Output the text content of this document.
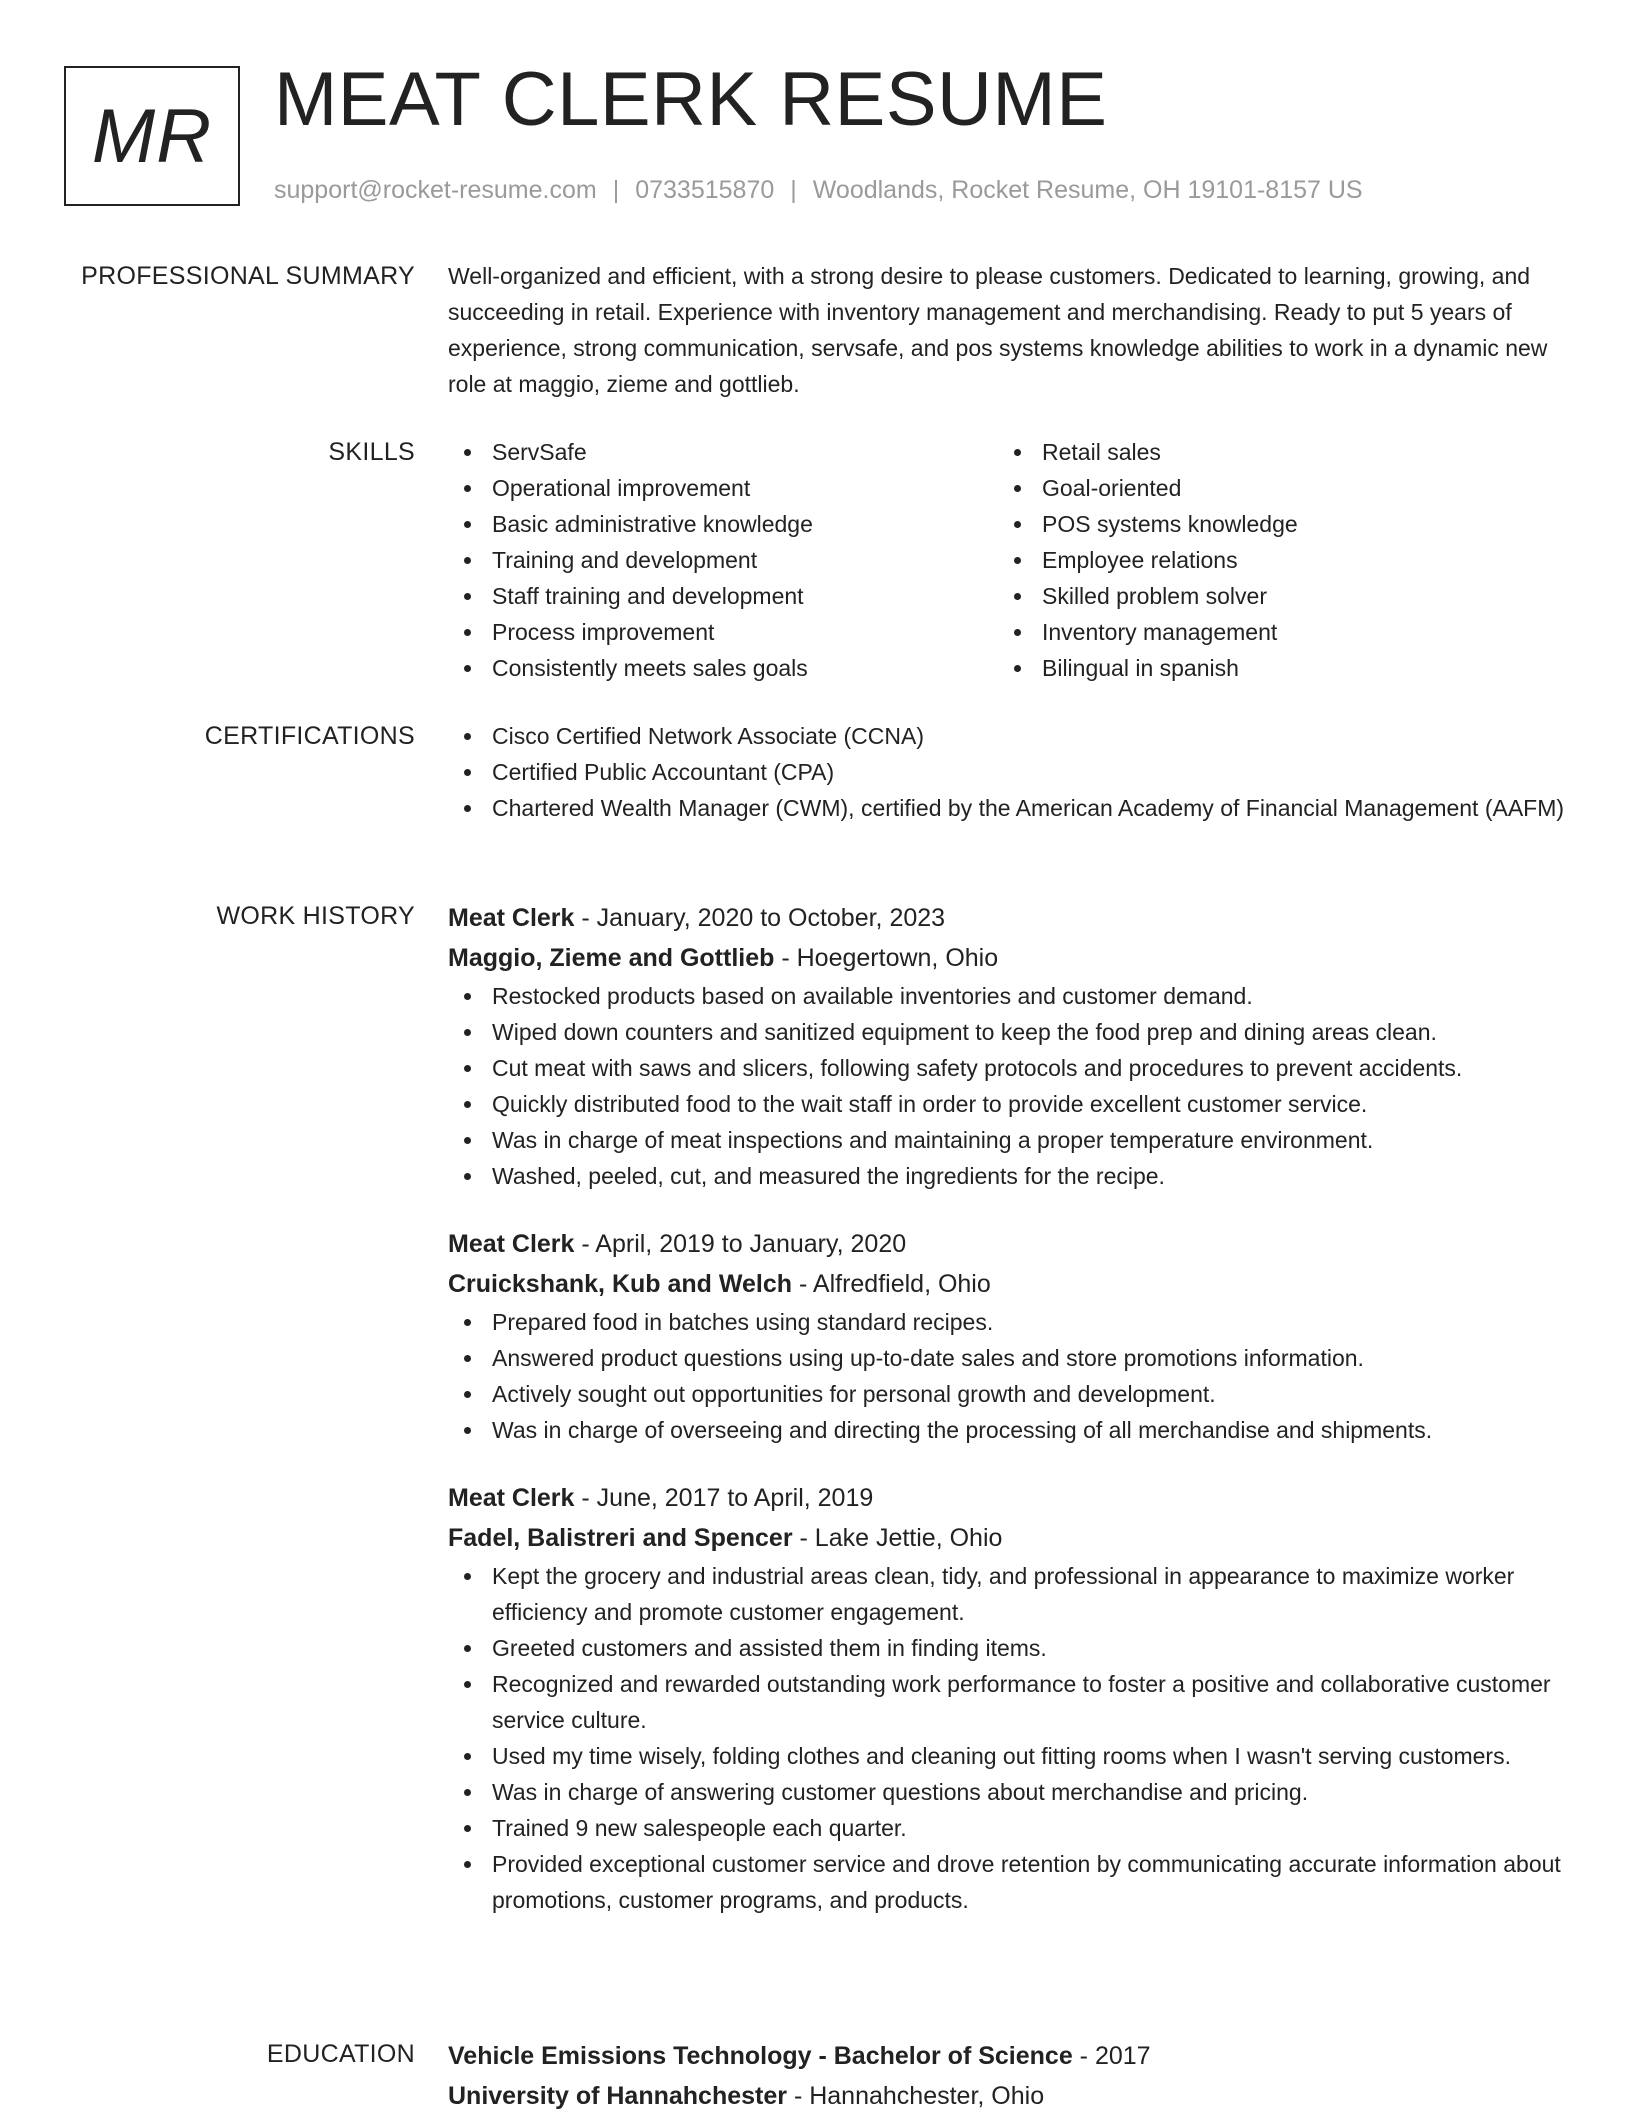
MR MEAT CLERK RESUME
support@rocket-resume.com | 0733515870 | Woodlands, Rocket Resume, OH 19101-8157 US
PROFESSIONAL SUMMARY Well-organized and efficient, with a strong desire to please customers. Dedicated to learning, growing, and succeeding in retail. Experience with inventory management and merchandising. Ready to put 5 years of experience, strong communication, servsafe, and pos systems knowledge abilities to work in a dynamic new role at maggio, zieme and gottlieb.

SKILLS	ServSafe
Operational improvement
Basic administrative knowledge
Training and development
Staff training and development
Process improvement
Consistently meets sales goals
Retail sales
Goal-oriented
POS systems knowledge
Employee relations
Skilled problem solver
Inventory management
Bilingual in spanish
CERTIFICATIONS	Cisco Certified Network Associate (CCNA)
Certified Public Accountant (CPA)
Chartered Wealth Manager (CWM), certified by the American Academy of Financial Management (AAFM)
WORK HISTORY Meat Clerk - January, 2020 to October, 2023
Maggio, Zieme and Gottlieb - Hoegertown, Ohio
Restocked products based on available inventories and customer demand.
Wiped down counters and sanitized equipment to keep the food prep and dining areas clean.
Cut meat with saws and slicers, following safety protocols and procedures to prevent accidents.
Quickly distributed food to the wait staff in order to provide excellent customer service.
Was in charge of meat inspections and maintaining a proper temperature environment.
Washed, peeled, cut, and measured the ingredients for the recipe.
Meat Clerk - April, 2019 to January, 2020
Cruickshank, Kub and Welch - Alfredfield, Ohio
Prepared food in batches using standard recipes.
Answered product questions using up-to-date sales and store promotions information.
Actively sought out opportunities for personal growth and development.
Was in charge of overseeing and directing the processing of all merchandise and shipments.
Meat Clerk - June, 2017 to April, 2019
Fadel, Balistreri and Spencer - Lake Jettie, Ohio
Kept the grocery and industrial areas clean, tidy, and professional in appearance to maximize worker efficiency and promote customer engagement.
Greeted customers and assisted them in finding items.
Recognized and rewarded outstanding work performance to foster a positive and collaborative customer service culture.
Used my time wisely, folding clothes and cleaning out fitting rooms when I wasn't serving customers.
Was in charge of answering customer questions about merchandise and pricing.
Trained 9 new salespeople each quarter.
Provided exceptional customer service and drove retention by communicating accurate information about promotions, customer programs, and products.
EDUCATION Vehicle Emissions Technology - Bachelor of Science - 2017
University of Hannahchester - Hannahchester, Ohio
